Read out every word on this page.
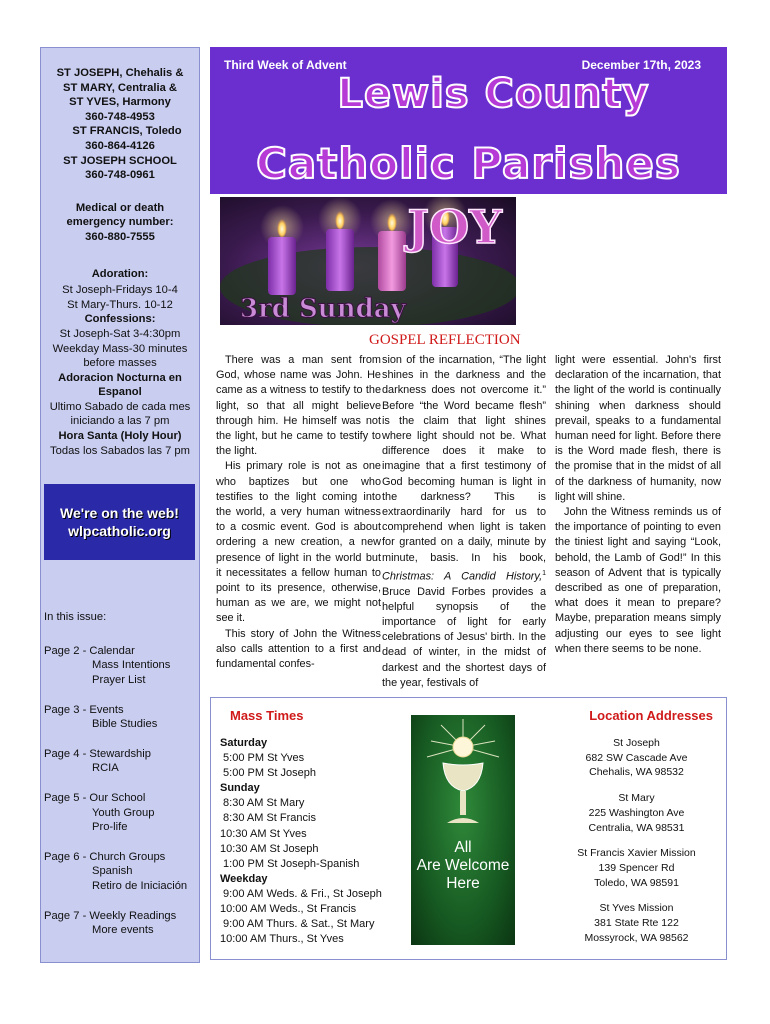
ST JOSEPH, Chehalis &
ST MARY, Centralia &
ST YVES, Harmony
360-748-4953
ST FRANCIS, Toledo
360-864-4126
ST JOSEPH SCHOOL
360-748-0961
Medical or death
emergency number:
360-880-7555
Adoration:
St Joseph-Fridays 10-4
St Mary-Thurs. 10-12
Confessions:
St Joseph-Sat 3-4:30pm
Weekday Mass-30 minutes
before masses
Adoracion Nocturna en
Espanol
Ultimo Sabado de cada mes
iniciando a las 7 pm
Hora Santa (Holy Hour)
Todas los Sabados las 7 pm
We're on the web!
wlpcatholic.org
In this issue:
Page 2 - Calendar
Mass Intentions
Prayer List
Page 3 - Events
Bible Studies
Page 4 - Stewardship
RCIA
Page 5 - Our School
Youth Group
Pro-life
Page 6 - Church Groups
Spanish
Retiro de Iniciación
Page 7 - Weekly Readings
More events
Third Week of Advent	December 17th, 2023
Lewis County
Catholic Parishes
JOY
3rd Sunday
GOSPEL REFLECTION

There was a man sent from God, whose name was John. He came as a witness to testify to the light, so that all might believe through him. He himself was not the light, but he came to testify to the light.

His primary role is not as one who baptizes but one who testifies to the light coming into the world, a very human witness to a cosmic event. God is about ordering a new creation, a new presence of light in the world but it necessitates a fellow human to point to its presence, otherwise, human as we are, we might not see it.

This story of John the Witness also calls attention to a first and fundamental confes-

sion of the incarnation, “The light shines in the darkness and the darkness does not overcome it.” Before “the Word became flesh” is the claim that light shines where light should not be. What difference does it make to imagine that a first testimony of God becoming human is light in the darkness? This is extraordinarily hard for us to comprehend when light is taken for granted on a daily, minute by minute, basis. In his book, Christmas: A Candid History,$^1$ Bruce David Forbes provides a helpful synopsis of the importance of light for early celebrations of Jesus' birth. In the dead of winter, in the midst of darkest and the shortest days of the year, festivals of
light were essential. John's first declaration of the incarnation, that the light of the world is continually shining when darkness should prevail, speaks to a fundamental human need for light. Before there is the Word made flesh, there is the promise that in the midst of all of the darkness of humanity, now light will shine.

John the Witness reminds us of the importance of pointing to even the tiniest light and saying “Look, behold, the Lamb of God!” In this season of Advent that is typically described as one of preparation, what does it mean to prepare? Maybe, preparation means simply adjusting our eyes to see light when there seems to be none.

Mass Times
Saturday
5:00 PM St Yves
5:00 PM St Joseph
Sunday
8:30 AM St Mary
8:30 AM St Francis
10:30 AM St Yves
10:30 AM St Joseph
1:00 PM St Joseph-Spanish
Weekday
9:00 AM Weds. & Fri., St Joseph
10:00 AM Weds., St Francis
9:00 AM Thurs. & Sat., St Mary
10:00 AM Thurs., St Yves
All
Are Welcome
Here
Location Addresses
St Joseph
682 SW Cascade Ave
Chehalis, WA 98532
St Mary
225 Washington Ave
Centralia, WA 98531
St Francis Xavier Mission
139 Spencer Rd
Toledo, WA 98591
St Yves Mission
381 State Rte 122
Mossyrock, WA 98562
